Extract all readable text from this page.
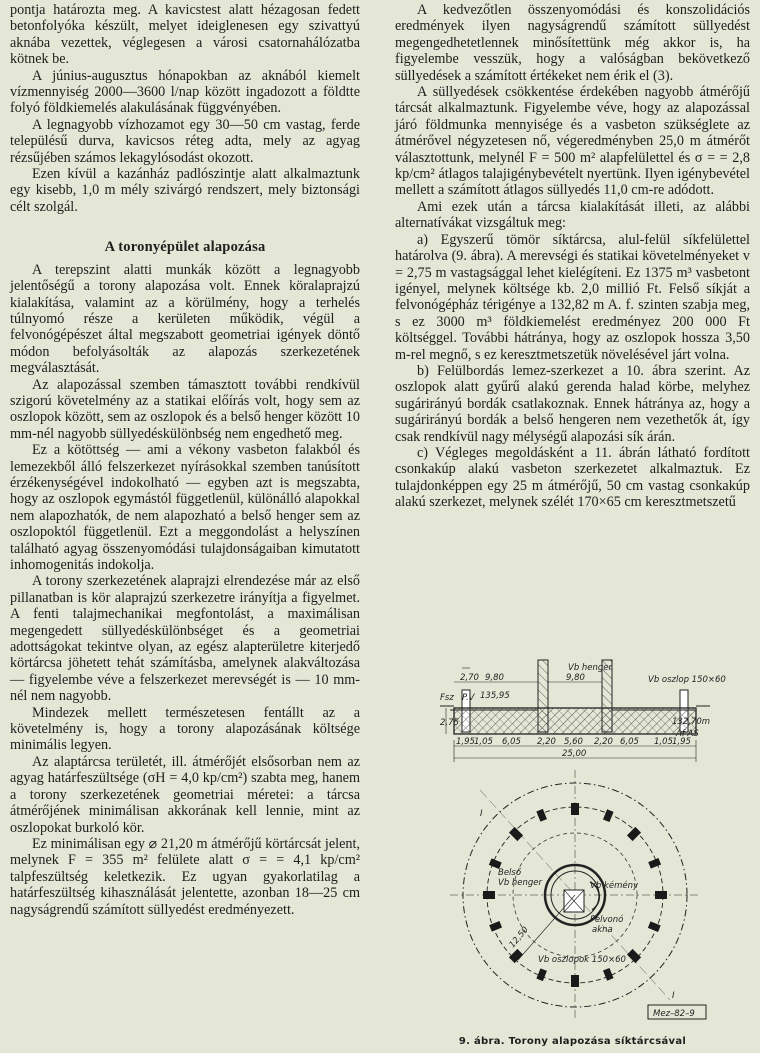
pontja határozta meg. A kavicstest alatt hézagosan fedett betonfolyóka készült, melyet ideiglenesen egy szivattyú aknába vezettek, véglegesen a városi csatornahálózatba kötnek be.

A június-augusztus hónapokban az aknából kiemelt vízmennyiség 2000—3600 l/nap között ingadozott a földtte folyó földkiemelés alakulásának függvényében.

A legnagyobb vízhozamot egy 30—50 cm vastag, ferde településű durva, kavicsos réteg adta, mely az agyag rézsűjében számos lekagylósodást okozott.

Ezen kívül a kazánház padlószintje alatt alkalmaztunk egy kisebb, 1,0 m mély szivárgó rendszert, mely biztonsági célt szolgál.

A toronyépület alapozása

A terepszint alatti munkák között a legnagyobb jelentőségű a torony alapozása volt. Ennek köralaprajzú kialakítása, valamint az a körülmény, hogy a terhelés túlnyomó része a kerületen működik, végül a felvonógépészet által megszabott geometriai igények döntő módon befolyásolták az alapozás szerkezetének megválasztását.

Az alapozással szemben támasztott további rendkívül szigorú követelmény az a statikai előírás volt, hogy sem az oszlopok között, sem az oszlopok és a belső henger között 10 mm-nél nagyobb süllyedéskülönbség nem engedhető meg.

Ez a kötöttség — ami a vékony vasbeton falakból és lemezekből álló felszerkezet nyírásokkal szemben tanúsított érzékenységével indokolható — egyben azt is megszabta, hogy az oszlopok egymástól függetlenül, különálló alapokkal nem alapozhatók, de nem alapozható a belső henger sem az oszlopoktól függetlenül. Ezt a meggondolást a helyszínen található agyag összenyomódási tulajdonságaiban kimutatott inhomogenitás indokolja.

A torony szerkezetének alaprajzi elrendezése már az első pillanatban is kör alaprajzú szerkezetre irányítja a figyelmet. A fenti talajmechanikai megfontolást, a maximálisan megengedett süllyedéskülönbséget és a geometriai adottságokat tekintve olyan, az egész alapterületre kiterjedő körtárcsa jöhetett tehát számításba, amelynek alakváltozása — figyelembe véve a felszerkezet merevségét is — 10 mm-nél nem nagyobb.

Mindezek mellett természetesen fentállt az a követelmény is, hogy a torony alapozásának költsége minimális legyen.

Az alaptárcsa területét, ill. átmérőjét elsősorban nem az agyag határfeszültsége (σH = 4,0 kp/cm²) szabta meg, hanem a torony szerkezetének geometriai méretei: a tárcsa átmérőjének minimálisan akkorának kell lennie, mint az oszlopokat burkoló kör.

Ez minimálisan egy ⌀ 21,20 m átmérőjű körtárcsát jelent, melynek F = 355 m² felülete alatt σ = = 4,1 kp/cm² talpfeszültség keletkezik. Ez ugyan gyakorlatilag a határfeszültség kihasználását jelentette, azonban 18—25 cm nagyságrendű számított süllyedést eredményezett.

A kedvezőtlen összenyomódási és konszolidációs eredmények ilyen nagyságrendű számított süllyedést megengedhetetlennek minősítettünk még akkor is, ha figyelembe vesszük, hogy a valóságban bekövetkező süllyedések a számított értékeket nem érik el (3).

A süllyedések csökkentése érdekében nagyobb átmérőjű tárcsát alkalmaztunk. Figyelembe véve, hogy az alapozással járó földmunka mennyisége és a vasbeton szükséglete az átmérővel négyzetesen nő, végeredményben 25,0 m átmérőt választottunk, melynél F = 500 m² alapfelülettel és σ = = 2,8 kp/cm² átlagos talajigénybevételt nyertünk. Ilyen igénybevétel mellett a számított átlagos süllyedés 11,0 cm-re adódott.

Ami ezek után a tárcsa kialakítását illeti, az alábbi alternatívákat vizsgáltuk meg:

a) Egyszerű tömör síktárcsa, alul-felül síkfelülettel határolva (9. ábra). A merevségi és statikai követelményeket v = 2,75 m vastagsággal lehet kielégíteni. Ez 1375 m³ vasbetont igényel, melynek költsége kb. 2,0 millió Ft. Felső síkját a felvonógépház térigénye a 132,82 m A. f. szinten szabja meg, s ez 3000 m³ földkiemelést eredményez 200 000 Ft költséggel. További hátránya, hogy az oszlopok hossza 3,50 m-rel megnő, s ez keresztmetszetük növelésével járt volna.

b) Felülbordás lemez-szerkezet a 10. ábra szerint. Az oszlopok alatt gyűrű alakú gerenda halad körbe, melyhez sugárirányú bordák csatlakoznak. Ennek hátránya az, hogy a sugárirányú bordák a belső hengeren nem vezethetők át, így csak rendkívül nagy mélységű alapozási sík árán.

c) Végleges megoldásként a 11. ábrán látható fordított csonkakúp alakú vasbeton szerkezetet alkalmaztuk. Ez tulajdonképpen egy 25 m átmérőjű, 50 cm vastag csonkakúp alakú szerkezet, melynek szélét 170×65 cm keresztmetszetű

2,70 9,80
Vb henger
9,80	Vb oszlop 150×60
Fsz P.V 135,95
2,75	132,70m
Af AS
1,95 1,05 6,05 2,20 5,60 2,20 6,05 1,05 1,95
25,00
I
I
Belső
Vb henger	Vb kémény
Felvonó
akna
12,50
Vb oszlopok 150×60
Mez–82–9
9. ábra. Torony alapozása síktárcsával
